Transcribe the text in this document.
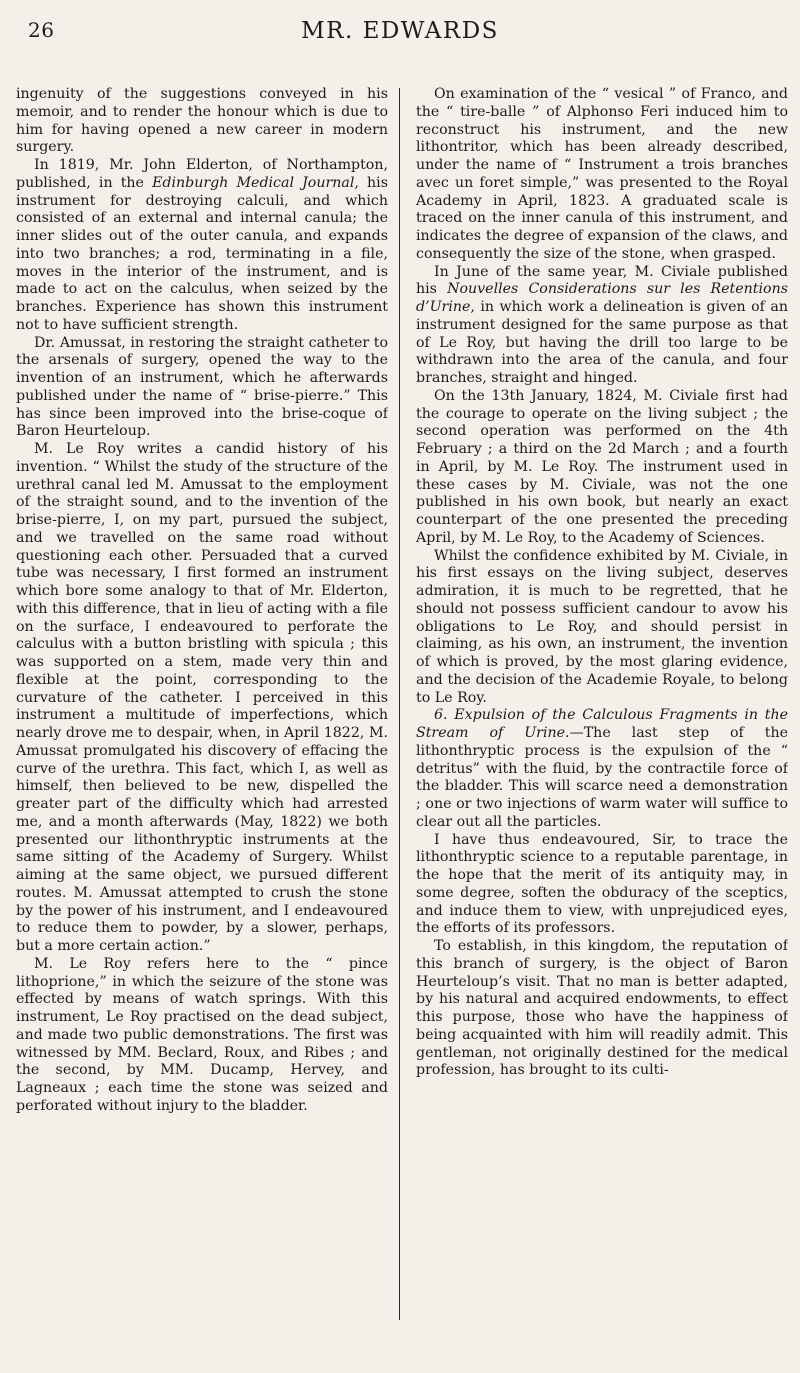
26	MR. EDWARDS

ingenuity of the suggestions conveyed in his memoir, and to render the honour which is due to him for having opened a new career in modern surgery.

In 1819, Mr. John Elderton, of Northampton, published, in the Edinburgh Medical Journal, his instrument for destroying calculi, and which consisted of an external and internal canula; the inner slides out of the outer canula, and expands into two branches; a rod, terminating in a file, moves in the interior of the instrument, and is made to act on the calculus, when seized by the branches. Experience has shown this instrument not to have sufficient strength.

Dr. Amussat, in restoring the straight catheter to the arsenals of surgery, opened the way to the invention of an instrument, which he afterwards published under the name of “ brise-pierre.” This has since been improved into the brise-coque of Baron Heurteloup.

M. Le Roy writes a candid history of his invention. “ Whilst the study of the structure of the urethral canal led M. Amussat to the employment of the straight sound, and to the invention of the brise-pierre, I, on my part, pursued the subject, and we travelled on the same road without questioning each other. Persuaded that a curved tube was necessary, I first formed an instrument which bore some analogy to that of Mr. Elderton, with this difference, that in lieu of acting with a file on the surface, I endeavoured to perforate the calculus with a button bristling with spicula ; this was supported on a stem, made very thin and flexible at the point, corresponding to the curvature of the catheter. I perceived in this instrument a multitude of imperfections, which nearly drove me to despair, when, in April 1822, M. Amussat promulgated his discovery of effacing the curve of the urethra. This fact, which I, as well as himself, then believed to be new, dispelled the greater part of the difficulty which had arrested me, and a month afterwards (May, 1822) we both presented our lithonthryptic instruments at the same sitting of the Academy of Surgery. Whilst aiming at the same object, we pursued different routes. M. Amussat attempted to crush the stone by the power of his instrument, and I endeavoured to reduce them to powder, by a slower, perhaps, but a more certain action.”

M. Le Roy refers here to the “ pince lithoprione,” in which the seizure of the stone was effected by means of watch springs. With this instrument, Le Roy practised on the dead subject, and made two public demonstrations. The first was witnessed by MM. Beclard, Roux, and Ribes ; and the second, by MM. Ducamp, Hervey, and Lagneaux ; each time the stone was seized and perforated without injury to the bladder.

On examination of the “ vesical ” of Franco, and the “ tire-balle ” of Alphonso Feri induced him to reconstruct his instrument, and the new lithontritor, which has been already described, under the name of “ Instrument a trois branches avec un foret simple,” was presented to the Royal Academy in April, 1823. A graduated scale is traced on the inner canula of this instrument, and indicates the degree of expansion of the claws, and consequently the size of the stone, when grasped.

In June of the same year, M. Civiale published his Nouvelles Considerations sur les Retentions d’Urine, in which work a delineation is given of an instrument designed for the same purpose as that of Le Roy, but having the drill too large to be withdrawn into the area of the canula, and four branches, straight and hinged.

On the 13th January, 1824, M. Civiale first had the courage to operate on the living subject ; the second operation was performed on the 4th February ; a third on the 2d March ; and a fourth in April, by M. Le Roy. The instrument used in these cases by M. Civiale, was not the one published in his own book, but nearly an exact counterpart of the one presented the preceding April, by M. Le Roy, to the Academy of Sciences.

Whilst the confidence exhibited by M. Civiale, in his first essays on the living subject, deserves admiration, it is much to be regretted, that he should not possess sufficient candour to avow his obligations to Le Roy, and should persist in claiming, as his own, an instrument, the invention of which is proved, by the most glaring evidence, and the decision of the Academie Royale, to belong to Le Roy.

6. Expulsion of the Calculous Fragments in the Stream of Urine.—The last step of the lithonthryptic process is the expulsion of the “ detritus” with the fluid, by the contractile force of the bladder. This will scarce need a demonstration ; one or two injections of warm water will suffice to clear out all the particles.

I have thus endeavoured, Sir, to trace the lithonthryptic science to a reputable parentage, in the hope that the merit of its antiquity may, in some degree, soften the obduracy of the sceptics, and induce them to view, with unprejudiced eyes, the efforts of its professors.

To establish, in this kingdom, the reputation of this branch of surgery, is the object of Baron Heurteloup’s visit. That no man is better adapted, by his natural and acquired endowments, to effect this purpose, those who have the happiness of being acquainted with him will readily admit. This gentleman, not originally destined for the medical profession, has brought to its culti-
